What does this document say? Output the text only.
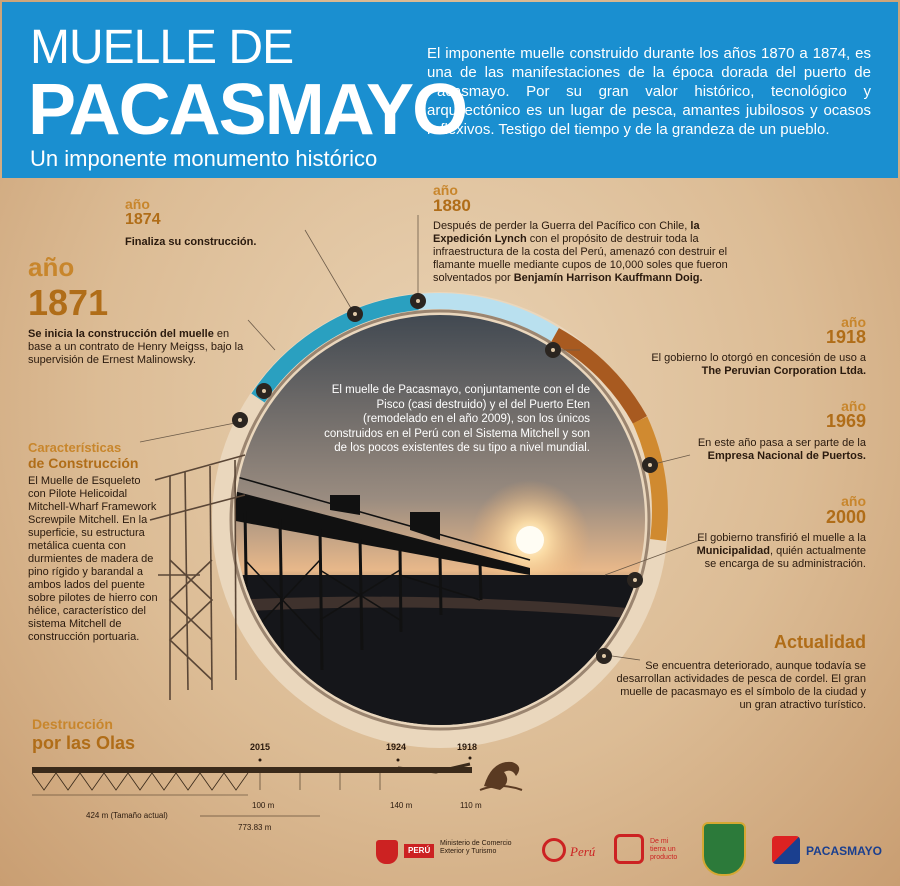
MUELLE DE
PACASMAYO
Un imponente monumento histórico
El imponente muelle construido durante los años 1870 a 1874, es una de las manifestaciones de la época dorada del puerto de Pacasmayo. Por su gran valor histórico, tecnológico y arquitectónico es un lugar de pesca, amantes jubilosos y ocasos reflexivos. Testigo del tiempo y de la grandeza de un pueblo.
El muelle de Pacasmayo, conjuntamente con el de Pisco (casi destruido) y el del Puerto Eten (remodelado en el año 2009), son los únicos construidos en el Perú con el Sistema Mitchell y son de los pocos existentes de su tipo a nivel mundial.
año
1871
Se inicia la construcción del muelle en base a un contrato de Henry Meigss, bajo la supervisión de Ernest Malinowsky.
año
1874
Finaliza su construcción.
año
1880
Después de perder la Guerra del Pacífico con Chile, la Expedición Lynch con el propósito de destruir toda la infraestructura de la costa del Perú, amenazó con destruir el flamante muelle mediante cupos de 10,000 soles que fueron solventados por Benjamín Harrison Kauffmann Doig.
año
1918
El gobierno lo otorgó en concesión de uso a The Peruvian Corporation Ltda.
año
1969
En este año pasa a ser parte de la Empresa Nacional de Puertos.
año
2000
El gobierno transfirió el muelle a la Municipalidad, quién actualmente se encarga de su administración.
Actualidad
Se encuentra deteriorado, aunque todavía se desarrollan actividades de pesca de cordel. El gran muelle de pacasmayo es el símbolo de la ciudad y un gran atractivo turístico.
Características
de Construcción
El Muelle de Esqueleto con Pilote Helicoidal Mitchell-Wharf Framework Screwpile Mitchell. En la superficie, su estructura metálica cuenta con durmientes de madera de pino rígido y barandal a ambos lados del puente sobre pilotes de hierro con hélice, característico del sistema Mitchell de construcción portuaria.
Destrucción
por las Olas	2015	1924	1918
100 m	140 m	110 m
424 m (Tamaño actual)
773.83 m
PERÚ
Ministerio de Comercio Exterior y Turismo	Perú
De mi tierra un producto	PACASMAYO
